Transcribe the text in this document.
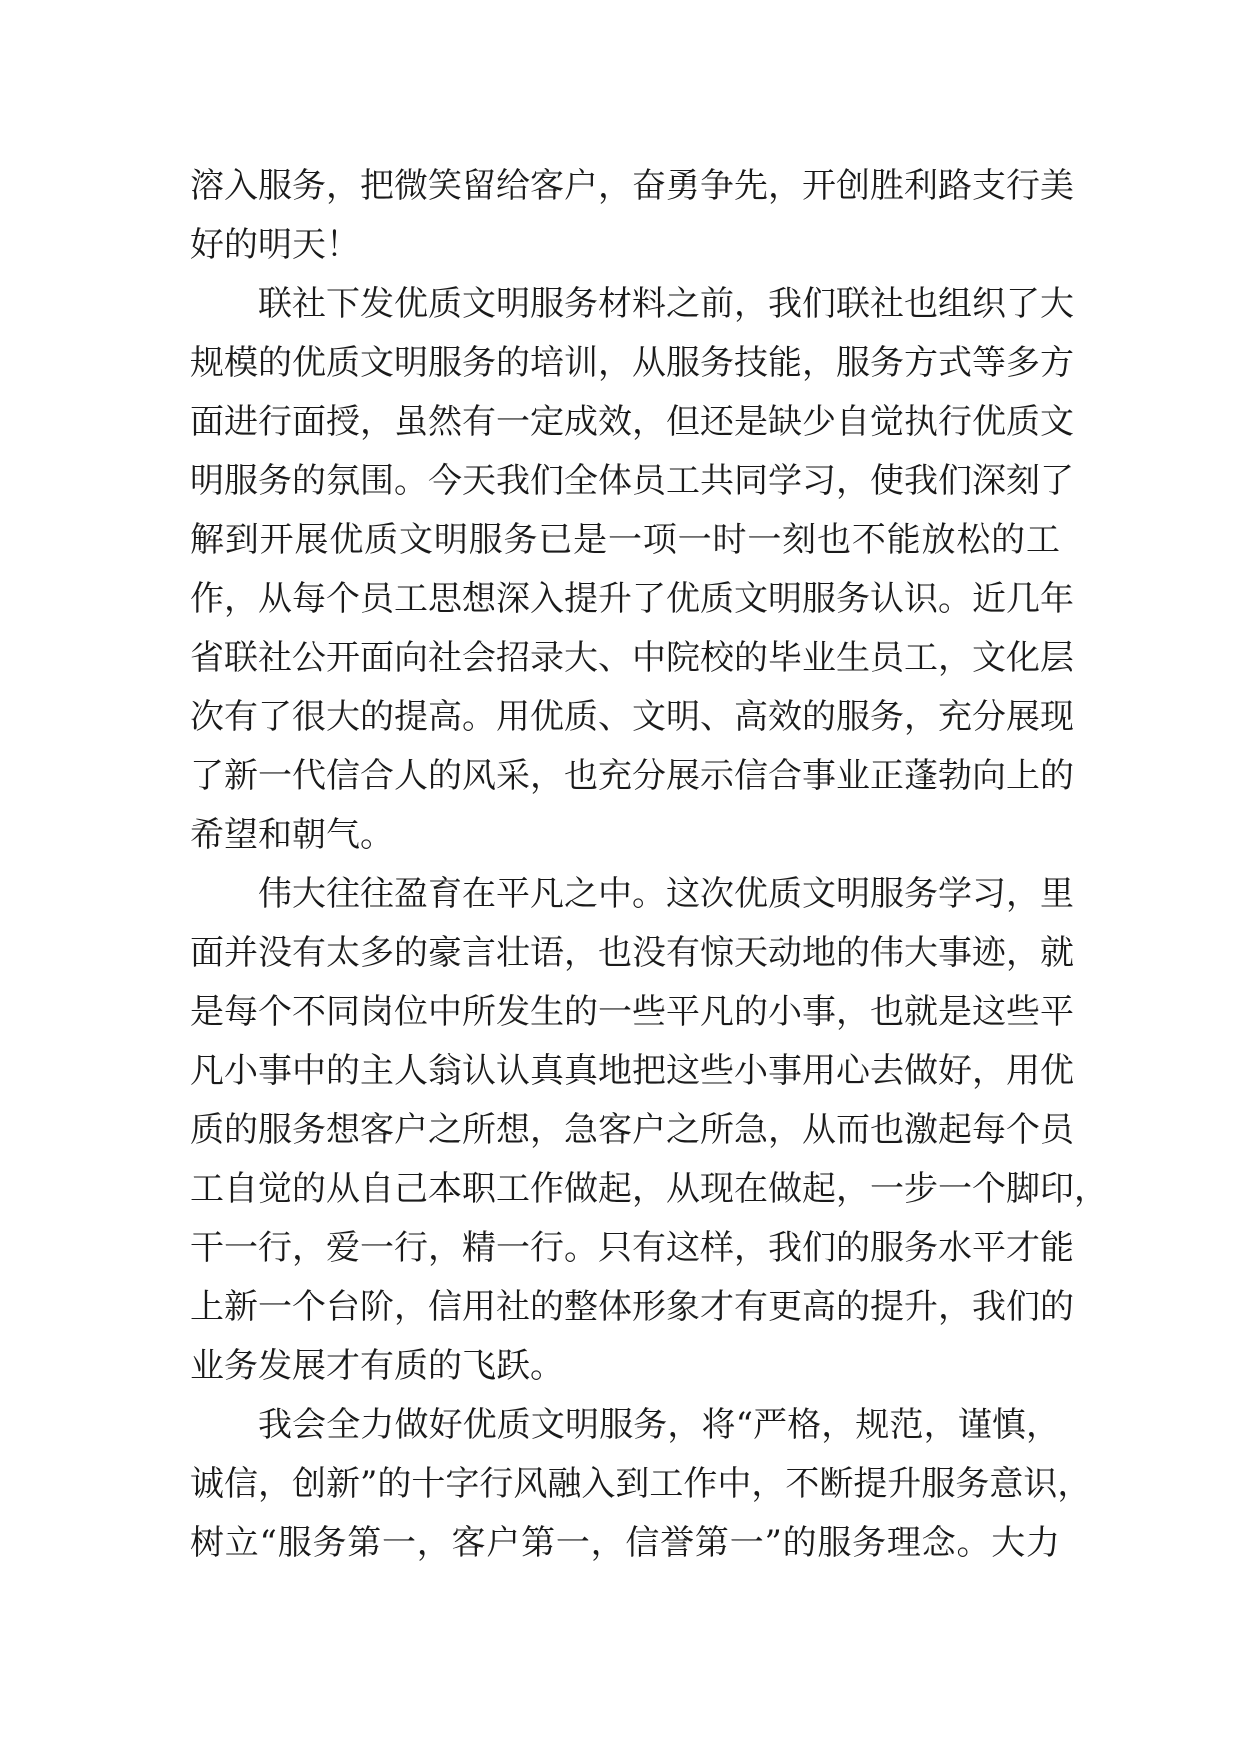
溶入服务，把微笑留给客户，奋勇争先，开创胜利路支行美
好的明天！
联社下发优质文明服务材料之前，我们联社也组织了大
规模的优质文明服务的培训，从服务技能，服务方式等多方
面进行面授，虽然有一定成效，但还是缺少自觉执行优质文
明服务的氛围。今天我们全体员工共同学习，使我们深刻了
解到开展优质文明服务已是一项一时一刻也不能放松的工
作，从每个员工思想深入提升了优质文明服务认识。近几年
省联社公开面向社会招录大、中院校的毕业生员工，文化层
次有了很大的提高。用优质、文明、高效的服务，充分展现
了新一代信合人的风采，也充分展示信合事业正蓬勃向上的
希望和朝气。
伟大往往盈育在平凡之中。这次优质文明服务学习，里
面并没有太多的豪言壮语，也没有惊天动地的伟大事迹，就
是每个不同岗位中所发生的一些平凡的小事，也就是这些平
凡小事中的主人翁认认真真地把这些小事用心去做好，用优
质的服务想客户之所想，急客户之所急，从而也激起每个员
工自觉的从自己本职工作做起，从现在做起，一步一个脚印，
干一行，爱一行，精一行。只有这样，我们的服务水平才能
上新一个台阶，信用社的整体形象才有更高的提升，我们的
业务发展才有质的飞跃。
我会全力做好优质文明服务，将“严格，规范，谨慎，
诚信，创新”的十字行风融入到工作中，不断提升服务意识，
树立“服务第一，客户第一，信誉第一”的服务理念。大力
